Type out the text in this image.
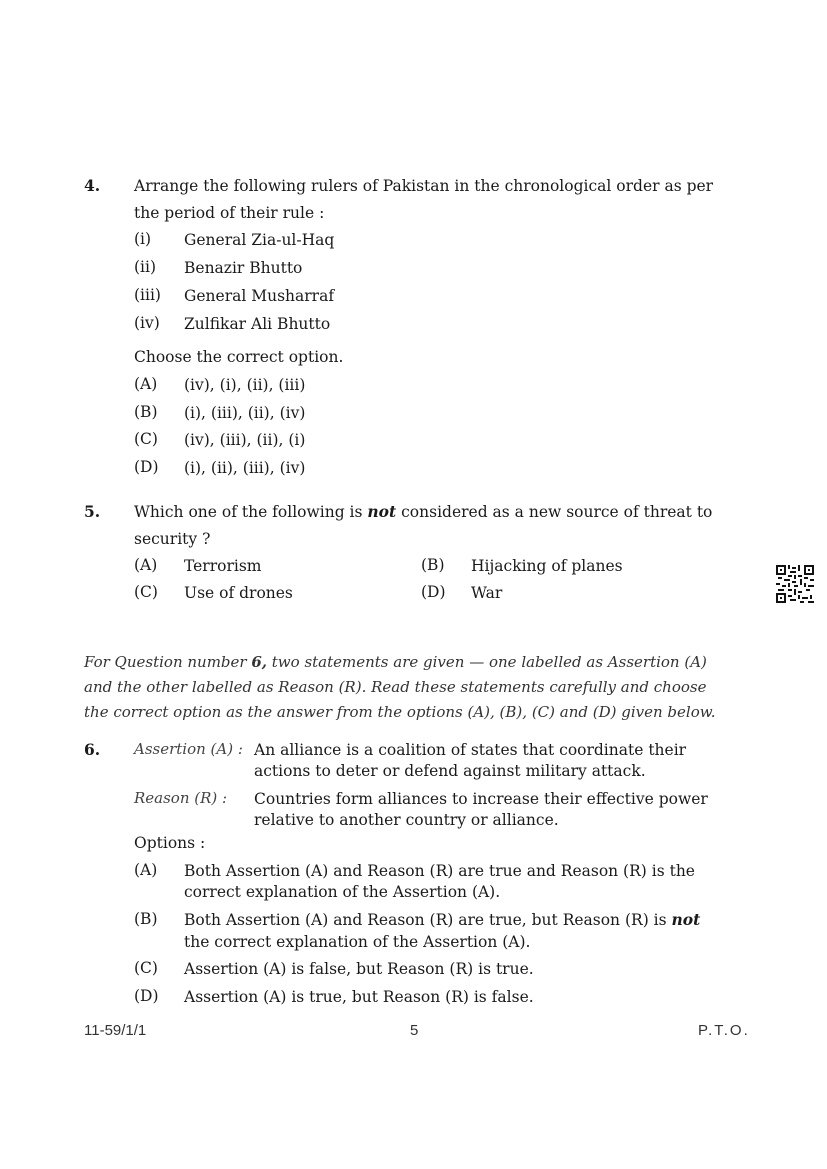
4. Arrange the following rulers of Pakistan in the chronological order as per
the period of their rule :
(i) General Zia-ul-Haq
(ii) Benazir Bhutto
(iii) General Musharraf
(iv) Zulfikar Ali Bhutto
Choose the correct option.
(A) (iv), (i), (ii), (iii)
(B) (i), (iii), (ii), (iv)
(C) (iv), (iii), (ii), (i)
(D) (i), (ii), (iii), (iv)
5. Which one of the following is not considered as a new source of threat to
security ?
(A) Terrorism	(B) Hijacking of planes
(C) Use of drones	(D) War
For Question number 6, two statements are given — one labelled as Assertion (A)
and the other labelled as Reason (R). Read these statements carefully and choose
the correct option as the answer from the options (A), (B), (C) and (D) given below.
6. Assertion (A) : An alliance is a coalition of states that coordinate their
actions to deter or defend against military attack.
Reason (R) : Countries form alliances to increase their effective power
relative to another country or alliance.
Options :
(A) Both Assertion (A) and Reason (R) are true and Reason (R) is the
correct explanation of the Assertion (A).
(B) Both Assertion (A) and Reason (R) are true, but Reason (R) is not
the correct explanation of the Assertion (A).
(C) Assertion (A) is false, but Reason (R) is true.
(D) Assertion (A) is true, but Reason (R) is false.
11-59/1/1	5	P.T.O.
